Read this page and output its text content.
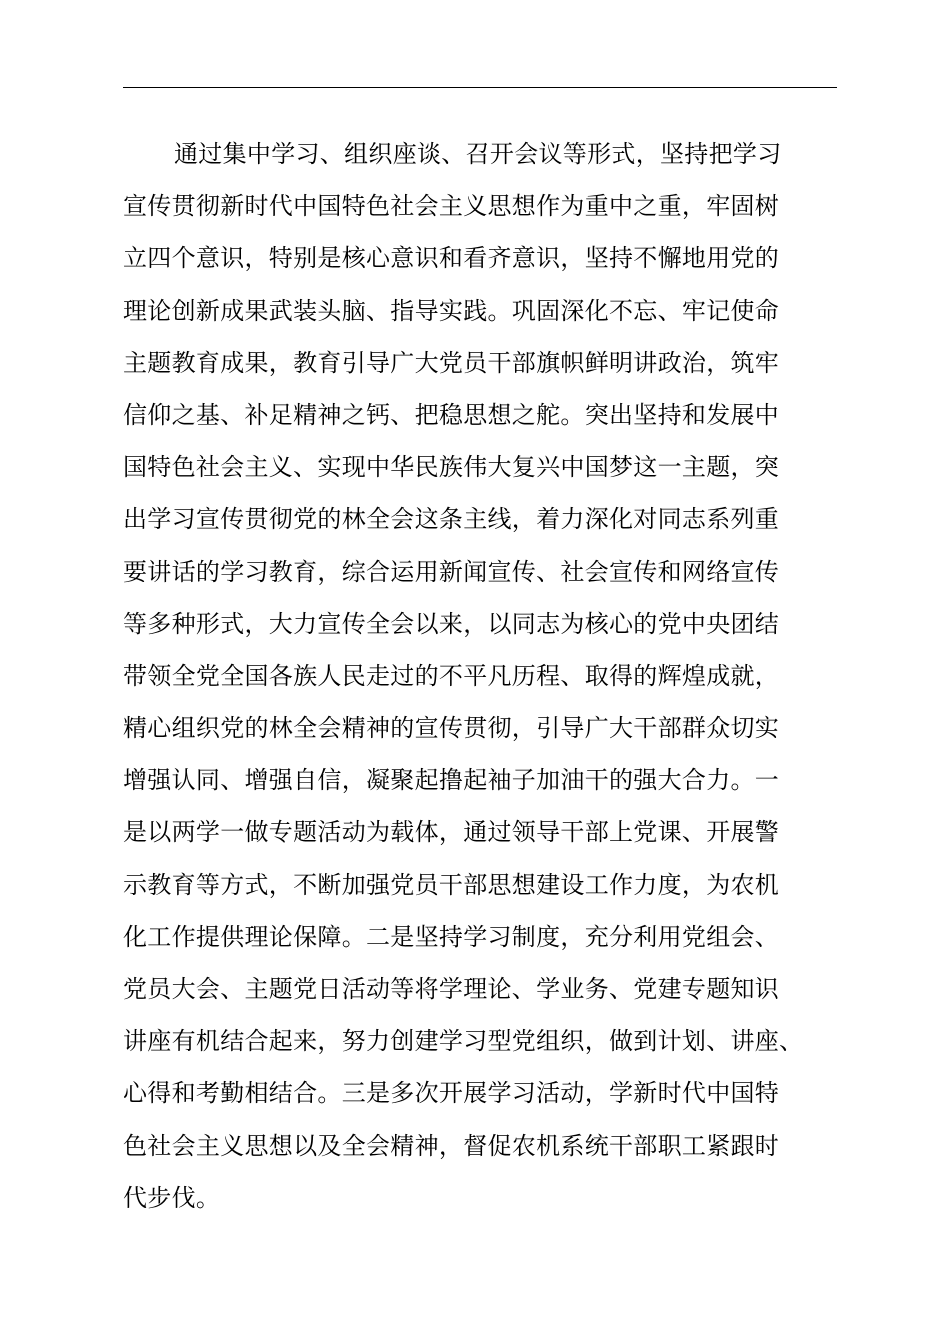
通过集中学习、组织座谈、召开会议等形式，坚持把学习
宣传贯彻新时代中国特色社会主义思想作为重中之重，牢固树
立四个意识，特别是核心意识和看齐意识，坚持不懈地用党的
理论创新成果武装头脑、指导实践。巩固深化不忘、牢记使命
主题教育成果，教育引导广大党员干部旗帜鲜明讲政治，筑牢
信仰之基、补足精神之钙、把稳思想之舵。突出坚持和发展中
国特色社会主义、实现中华民族伟大复兴中国梦这一主题，突
出学习宣传贯彻党的林全会这条主线，着力深化对同志系列重
要讲话的学习教育，综合运用新闻宣传、社会宣传和网络宣传
等多种形式，大力宣传全会以来，以同志为核心的党中央团结
带领全党全国各族人民走过的不平凡历程、取得的辉煌成就，
精心组织党的林全会精神的宣传贯彻，引导广大干部群众切实
增强认同、增强自信，凝聚起撸起袖子加油干的强大合力。一
是以两学一做专题活动为载体，通过领导干部上党课、开展警
示教育等方式，不断加强党员干部思想建设工作力度，为农机
化工作提供理论保障。二是坚持学习制度，充分利用党组会、
党员大会、主题党日活动等将学理论、学业务、党建专题知识
讲座有机结合起来，努力创建学习型党组织，做到计划、讲座、
心得和考勤相结合。三是多次开展学习活动，学新时代中国特
色社会主义思想以及全会精神，督促农机系统干部职工紧跟时
代步伐。
